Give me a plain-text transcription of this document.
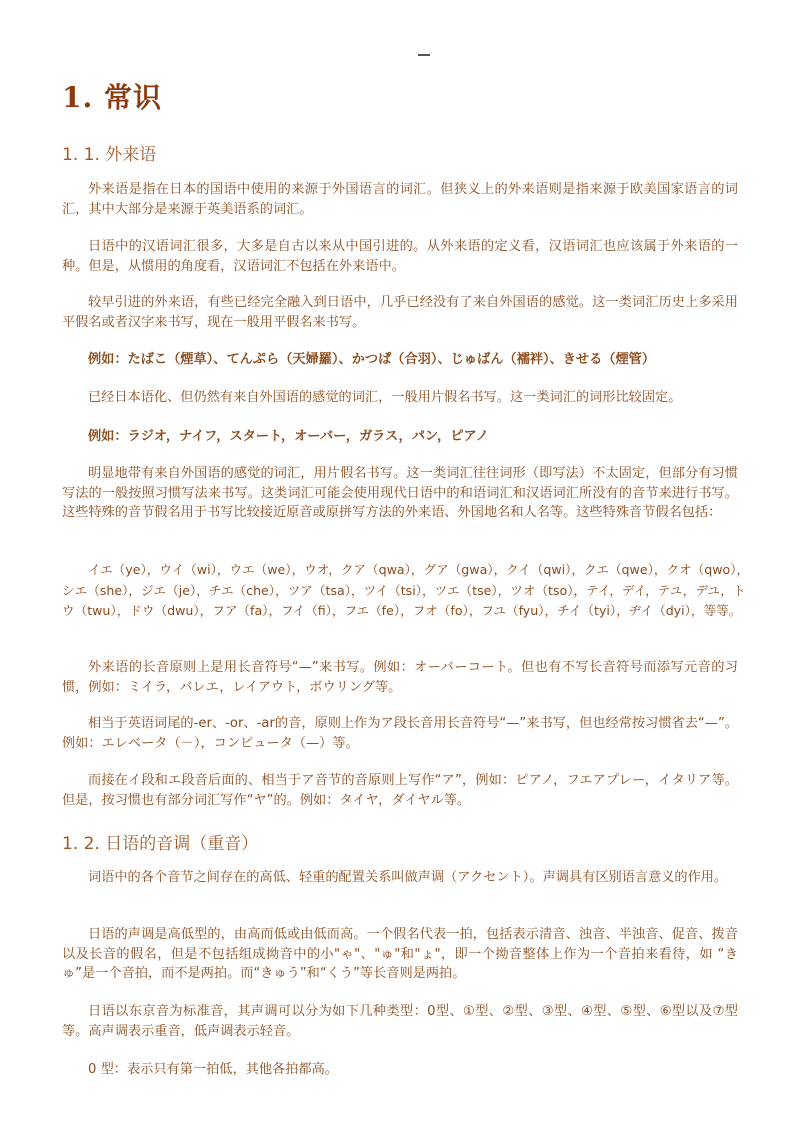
1. 常识
1. 1. 外来语

外来语是指在日本的国语中使用的来源于外国语言的词汇。但狭义上的外来语则是指来源于欧美国家语言的词汇，其中大部分是来源于英美语系的词汇。

日语中的汉语词汇很多，大多是自古以来从中国引进的。从外来语的定义看，汉语词汇也应该属于外来语的一种。但是，从惯用的角度看，汉语词汇不包括在外来语中。

较早引进的外来语，有些已经完全融入到日语中，几乎已经没有了来自外国语的感觉。这一类词汇历史上多采用平假名或者汉字来书写，现在一般用平假名来书写。

例如：たばこ（煙草）、てんぷら（天婦羅）、かつぱ（合羽）、じゅばん（襦袢）、きせる（煙管）

已经日本语化、但仍然有来自外国语的感觉的词汇，一般用片假名书写。这一类词汇的词形比较固定。

例如：ラジオ，ナイフ，スタート，オーバー，ガラス，パン，ピアノ

明显地带有来自外国语的感觉的词汇，用片假名书写。这一类词汇往往词形（即写法）不太固定，但部分有习惯写法的一般按照习惯写法来书写。这类词汇可能会使用现代日语中的和语词汇和汉语词汇所没有的音节来进行书写。这些特殊的音节假名用于书写比较接近原音或原拼写方法的外来语、外国地名和人名等。这些特殊音节假名包括：

イエ（ye），ウイ（wi），ウエ（we），ウオ，クア（qwa），グア（gwa），クイ（qwi），クエ（qwe），クオ（qwo），シエ（she），ジエ（je），チエ（che），ツア（tsa），ツイ（tsi），ツエ（tse），ツオ（tso），テイ，デイ，テユ，デユ，トウ（twu），ドウ（dwu），フア（fa），フイ（fi），フエ（fe），フオ（fo），フユ（fyu），チイ（tyi），ヂイ（dyi），等等。

外来语的长音原则上是用长音符号“—”来书写。例如：オーバーコート。但也有不写长音符号而添写元音的习惯，例如：ミイラ，バレエ，レイアウト，ボウリング等。

相当于英语词尾的-er、-or、-ar的音，原则上作为ア段长音用长音符号“—”来书写，但也经常按习惯省去“—”。例如：エレベータ（－），コンピュータ（—）等。

而接在イ段和エ段音后面的、相当于ア音节的音原则上写作“ア”，例如：ピアノ，フエアプレー，イタリア等。但是，按习惯也有部分词汇写作“ヤ”的。例如：タイヤ，ダイヤル等。

1. 2. 日语的音调（重音）

词语中的各个音节之间存在的高低、轻重的配置关系叫做声调（アクセント）。声调具有区别语言意义的作用。

日语的声调是高低型的，由高而低或由低而高。一个假名代表一拍，包括表示清音、浊音、半浊音、促音、拨音以及长音的假名，但是不包括组成拗音中的小"ゃ"、"ゅ"和"ょ"，即一个拗音整体上作为一个音拍来看待，如 “きゅ”是一个音拍，而不是两拍。而“きゅう”和“くう”等长音则是两拍。

日语以东京音为标准音，其声调可以分为如下几种类型：0型、①型、②型、③型、④型、⑤型、⑥型以及⑦型等。高声调表示重音，低声调表示轻音。

0 型：表示只有第一拍低，其他各拍都高。
